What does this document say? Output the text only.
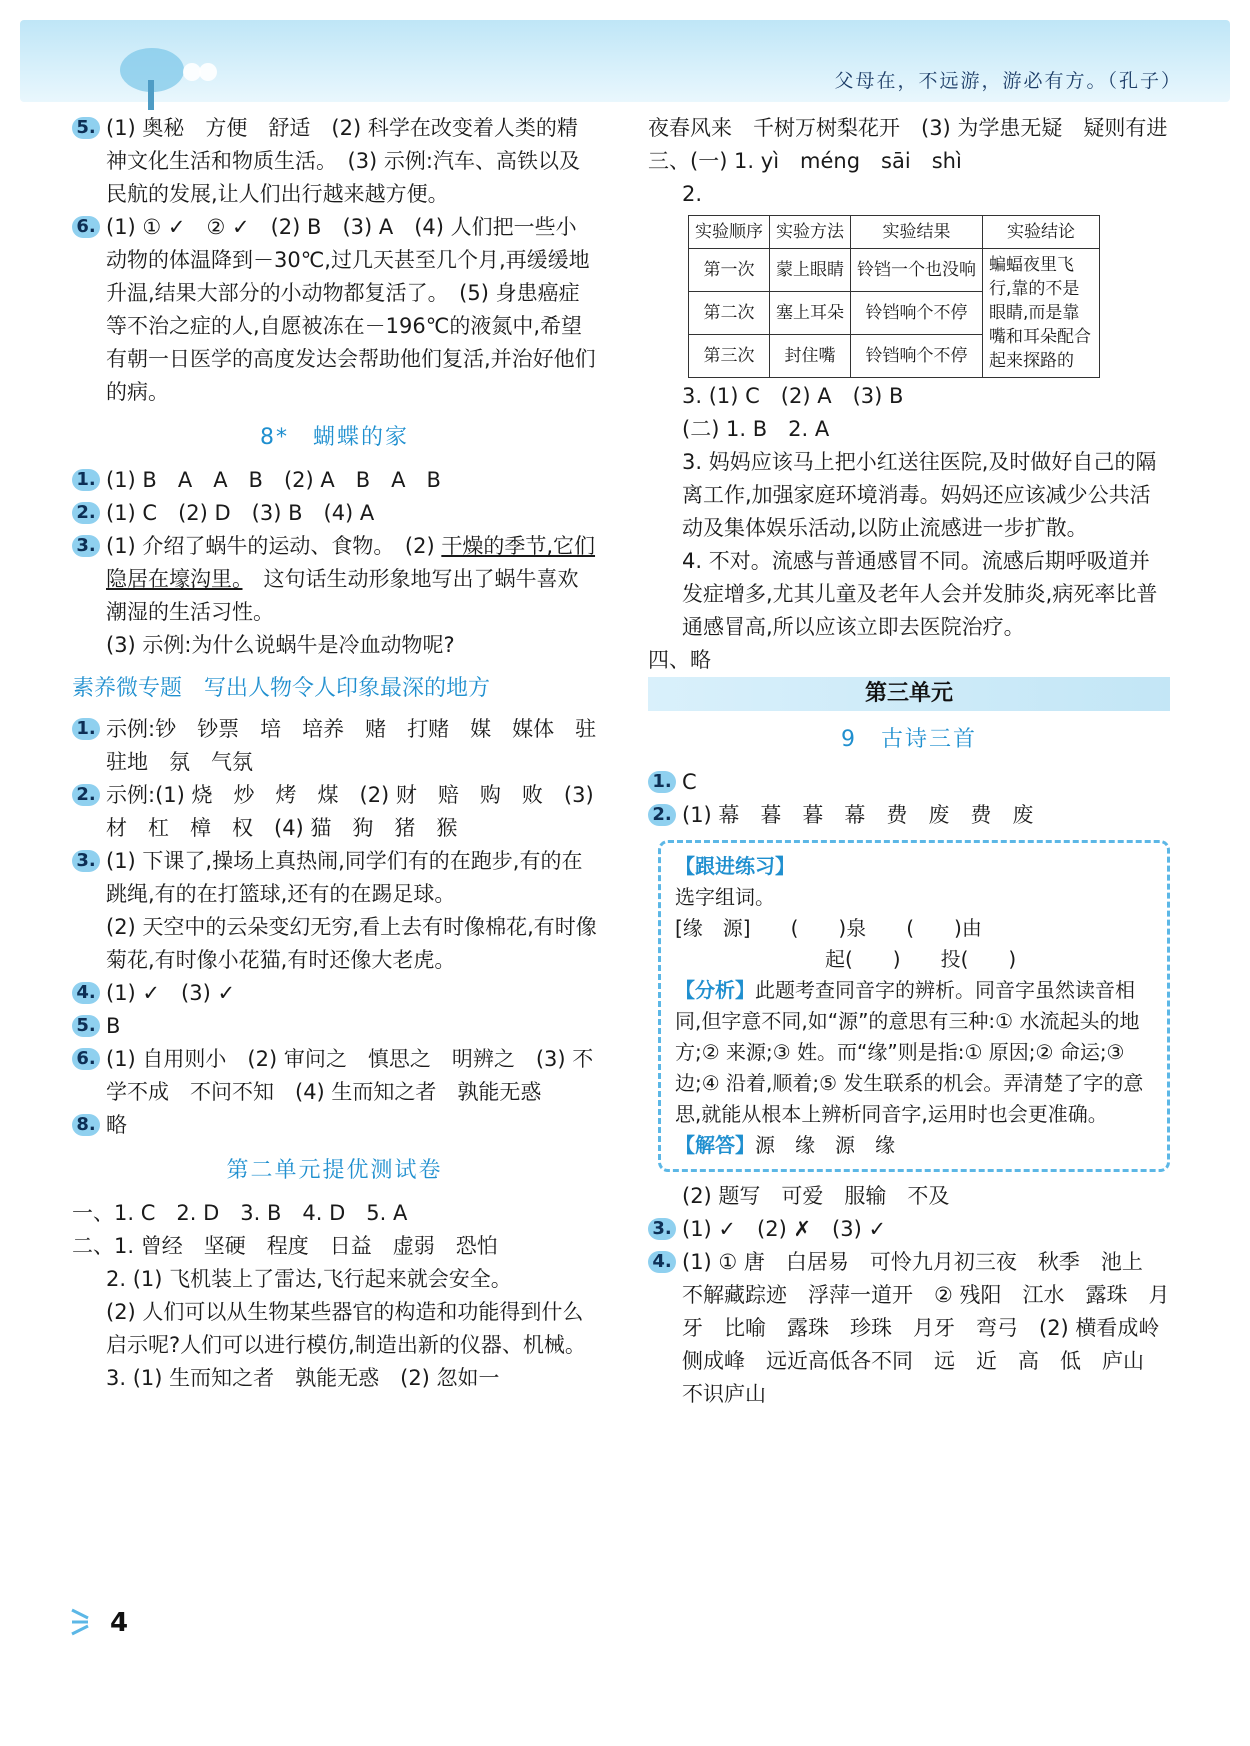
父母在，不远游，游必有方。（孔子）
5. (1) 奥秘　方便　舒适　(2) 科学在改变着人类的精神文化生活和物质生活。　(3) 示例:汽车、高铁以及民航的发展,让人们出行越来越方便。

6. (1) ① ✓　② ✓　(2) B　(3) A　(4) 人们把一些小动物的体温降到－30℃,过几天甚至几个月,再缓缓地升温,结果大部分的小动物都复活了。　(5) 身患癌症等不治之症的人,自愿被冻在－196℃的液氮中,希望有朝一日医学的高度发达会帮助他们复活,并治好他们的病。

8*　蝴蝶的家
1. (1) B　A　A　B　(2) A　B　A　B

2. (1) C　(2) D　(3) B　(4) A

3. (1) 介绍了蜗牛的运动、食物。　(2) 干燥的季节,它们隐居在壕沟里。　这句话生动形象地写出了蜗牛喜欢潮湿的生活习性。

(3) 示例:为什么说蜗牛是冷血动物呢?

素养微专题　写出人物令人印象最深的地方
1. 示例:钞　钞票　培　培养　赌　打赌　媒　媒体　驻　驻地　氛　气氛

2. 示例:(1) 烧　炒　烤　煤　(2) 财　赔　购　败　(3) 材　杠　樟　权　(4) 猫　狗　猪　猴

3. (1) 下课了,操场上真热闹,同学们有的在跑步,有的在跳绳,有的在打篮球,还有的在踢足球。

(2) 天空中的云朵变幻无穷,看上去有时像棉花,有时像菊花,有时像小花猫,有时还像大老虎。

4. (1) ✓　(3) ✓

5. B

6. (1) 自用则小　(2) 审问之　慎思之　明辨之　(3) 不学不成　不问不知　(4) 生而知之者　孰能无惑

8. 略

第二单元提优测试卷

一、1. C　2. D　3. B　4. D　5. A

二、1. 曾经　坚硬　程度　日益　虚弱　恐怕

2. (1) 飞机装上了雷达,飞行起来就会安全。

(2) 人们可以从生物某些器官的构造和功能得到什么启示呢?人们可以进行模仿,制造出新的仪器、机械。

3. (1) 生而知之者　孰能无惑　(2) 忽如一

夜春风来　千树万树梨花开　(3) 为学患无疑　疑则有进

三、(一) 1. yì　méng　sāi　shì

2.

实验顺序	实验方法	实验结果	实验结论
第一次	蒙上眼睛	铃铛一个也没响	蝙蝠夜里飞行,靠的不是眼睛,而是靠嘴和耳朵配合起来探路的
第二次	塞上耳朵	铃铛响个不停	
第三次	封住嘴	铃铛响个不停	

3. (1) C　(2) A　(3) B

(二) 1. B　2. A

3. 妈妈应该马上把小红送往医院,及时做好自己的隔离工作,加强家庭环境消毒。妈妈还应该减少公共活动及集体娱乐活动,以防止流感进一步扩散。

4. 不对。流感与普通感冒不同。流感后期呼吸道并发症增多,尤其儿童及老年人会并发肺炎,病死率比普通感冒高,所以应该立即去医院治疗。

四、略

第三单元
9　古诗三首
1. C

2. (1) 幕　暮　暮　幕　费　废　费　废

【跟进练习】

选字组词。

[缘　源]　　(　　)泉　　(　　)由

起(　　)　　投(　　)

【分析】此题考查同音字的辨析。同音字虽然读音相同,但字意不同,如“源”的意思有三种:① 水流起头的地方;② 来源;③ 姓。而“缘”则是指:① 原因;② 命运;③ 边;④ 沿着,顺着;⑤ 发生联系的机会。弄清楚了字的意思,就能从根本上辨析同音字,运用时也会更准确。

【解答】源　缘　源　缘

(2) 题写　可爱　服输　不及

3. (1) ✓　(2) ✗　(3) ✓

4. (1) ① 唐　白居易　可怜九月初三夜　秋季　池上　不解藏踪迹　浮萍一道开　② 残阳　江水　露珠　月牙　比喻　露珠　珍珠　月牙　弯弓　(2) 横看成岭侧成峰　远近高低各不同　远　近　高　低　庐山　不识庐山

4
